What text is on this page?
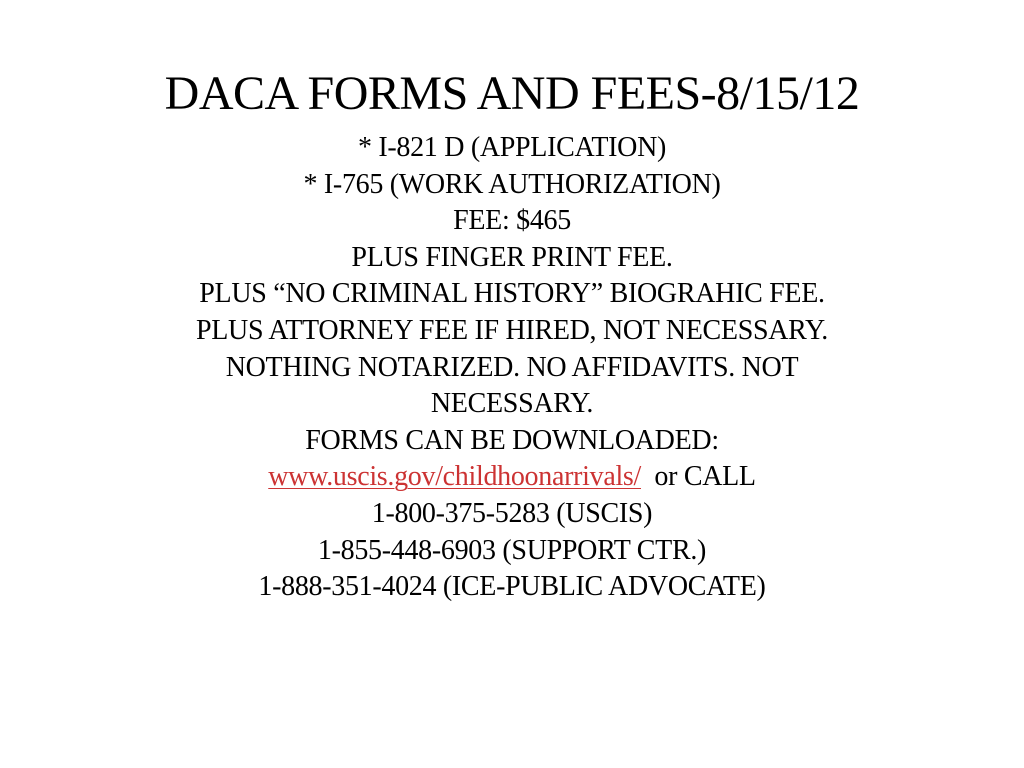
DACA FORMS AND FEES-8/15/12
* I-821 D (APPLICATION)
* I-765 (WORK AUTHORIZATION)
FEE: $465
PLUS FINGER PRINT FEE.
PLUS “NO CRIMINAL HISTORY” BIOGRAHIC FEE.
PLUS ATTORNEY FEE IF HIRED, NOT NECESSARY.
NOTHING NOTARIZED. NO AFFIDAVITS. NOT
NECESSARY.
FORMS CAN BE DOWNLOADED:
www.uscis.gov/childhoonarrivals/ or CALL
1-800-375-5283 (USCIS)
1-855-448-6903 (SUPPORT CTR.)
1-888-351-4024 (ICE-PUBLIC ADVOCATE)
